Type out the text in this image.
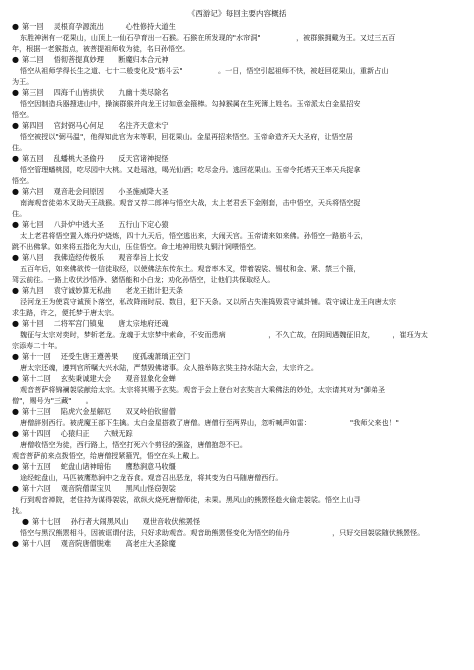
《西游记》每回主要内容概括
● 第一回 灵根育孕源流出　　　心性修持大道生
东胜神洲有一花果山，山顶上一仙石孕育出一石猴。石猴在所发现的"水帘洞"　　　　　，被群猴拥戴为王。又过三五百
年，根据一老猴指点，被菩提祖师收为徒，名曰孙悟空。
● 第二回 悟彻菩提真妙理　　断魔归本合元神
悟空从祖师学得长生之道、七十二般变化及"筋斗云"　　　　　。一日，悟空引起祖师不快，被赶回花果山，重新占山
为王。
● 第三回 四海千山皆拱伏　　九幽十类尽除名
悟空因制造兵器搜进山中，操演群猴并向龙王讨如意金箍棒。勾掉猴属在生死簿上姓名。玉帝派太白金星招安
悟空。
● 第四回 官封弼马心何足　　名注齐天意未宁
悟空被授以"弼马温"，他得知此官为末等职，回花果山。金星再招来悟空。玉帝命造齐天大圣府，让悟空居
住。
● 第五回 乱蟠桃大圣偷丹　　反天宫诸神捉怪
悟空管理蟠桃园，吃尽园中大桃。又赴瑶池，喝光仙酒；吃尽金丹。逃回花果山。玉帝令托塔天王率天兵捉拿
悟空。
● 第六回 观音赴会问原因　　小圣施威降大圣
南海观音徒弟木叉助天王战猴。观音又荐二郎神与悟空大战，太上老君丢下金刚套，击中悟空，天兵将悟空捉
住。
● 第七回 八卦炉中逃大圣　　五行山下定心猿
太上老君将悟空置入炼丹炉烧炼，四十九天后，悟空逃出来，大闹天宫。玉帝请来如来佛。孙悟空一路筋斗云，
跳不出佛掌。如来将五指化为大山，压住悟空。命土地神用铁丸铜汁饲喂悟空。
● 第八回 我佛造经传极乐　　观音奉旨上长安
五百年后，如来佛欲传一信徒取经，以使佛法东传东土。观音率木叉，带着袈裟、锡杖和金、紧、禁三个箍，
驾云前往。一路上收伏沙悟净、猪悟能和小白龙；劝化孙悟空，让他们共保取经人。
● 第九回 袁守诚妙算无私曲　　老龙王拙计犯天条
泾河龙王为使袁守诚预卜落空，私改降雨时辰、数目，犯下天条。又以所占失准捣毁袁守诚卦铺。袁守诚让龙王向唐太宗
求生路，许之，便托梦于唐太宗。
● 第十回 二将军宫门镇鬼　　唐太宗地府还魂
魏征与太宗对奕时，梦斩老龙。龙魂于太宗梦中索命，不安而患病　　　　　　，不久亡故，在阴间遇魏征旧友，　　　，崔珏为太
宗添寿二十年。
● 第十一回 还受生唐王遵善果　　度孤魂萧瑀正空门
唐太宗还魂，遵判官所嘱大兴水陆，严禁毁佛诸事。众人推举陈玄奘主持水陆大会，太宗许之。
● 第十二回 玄奘秉诚建大会　　观音显象化金蝉
观音菩萨将锦襕袈裟献给太宗。太宗将其赐予玄奘。观音于会上登台对玄奘言大乘佛法的妙处，太宗请其对为"御弟圣
僧"，赐号为"三藏"　　。
● 第十三回 陷虎穴金星解厄　　双叉岭伯钦留僧
唐僧辞别西行。被虎魔王部下生擒。太白金星搭救了唐僧。唐僧行至两界山，忽听喊声如雷：　　　　　　"我师父来也！"
● 第十四回 心猿归正　　六贼无踪
唐僧收悟空为徒，西行路上，悟空打死六个剪径的强盗，唐僧抱怨不已。
观音菩萨前来点拨悟空，给唐僧授紧箍咒，悟空在头上戴上。
● 第十五回 蛇盘山诸神暗佑　　鹰愁涧意马收缰
途经蛇盘山，马匹被鹰愁涧中之龙吞食。观音召出恶龙，将其变为白马随唐僧西行。
● 第十六回 观音院僧谋宝贝　　黑风山怪窃袈裟
行到观音禅院，老住持为谋得袈裟，欲纵火烧死唐僧师徒，未果。黑风山的熊罴怪趁火偷走袈裟。悟空上山寻
找。
● 第十七回 孙行者大闹黑风山　　观世音收伏熊罴怪
悟空与黑汉熊罴相斗，因被诓谓付法，只好求助观音。观音助熊罴怪变化为悟空的仙丹　　　　　　，只好交回袈裟随伏熊罴怪。
● 第十八回 观音院唐僧脱难　　高老庄大圣除魔
